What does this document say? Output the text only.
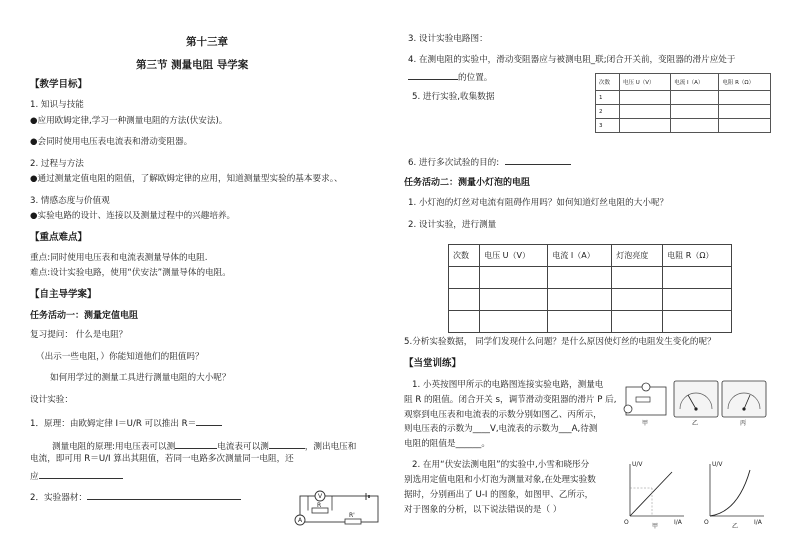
第十三章
第三节 测量电阻 导学案
【教学目标】
1. 知识与技能
●应用欧姆定律,学习一种测量电阻的方法(伏安法)。
●会同时使用电压表电流表和滑动变阻器。
2. 过程与方法
●通过测量定值电阻的阻值，了解欧姆定律的应用，知道测量型实验的基本要求。、
3. 情感态度与价值观
●实验电路的设计、连接以及测量过程中的兴趣培养。
【重点难点】
重点:同时使用电压表和电流表测量导体的电阻.
难点:设计实验电路，使用“伏安法”测量导体的电阻。
【自主导学案】
任务活动一：测量定值电阻
复习提问： 什么是电阻？
（出示一些电阻，）你能知道他们的阻值吗？
如何用学过的测量工具进行测量电阻的大小呢？
设计实验：
1．原理：由欧姆定律 I＝U/R 可以推出 R＝
测量电阻的原理:用电压表可以测	电流表可以测	，测出电压和
电流，即可用 R＝U/I 算出其阻值，若同一电路多次测量同一电阻，还
应
2．实验器材：	V
R
A
R'
3. 设计实验电路图：
4. 在测电阻的实验中，滑动变阻器应与被测电阻_联;闭合开关前，变阻器的滑片应处于
的位置。
5. 进行实验,收集数据
次数	电压 U（V）	电流 I（A）	电阻 R（Ω）
1			
2			
3			
6. 进行多次试验的目的:
任务活动二：测量小灯泡的电阻
1. 小灯泡的灯丝对电流有阻碍作用吗？如何知道灯丝电阻的大小呢？
2. 设计实验，进行测量
次数	电压 U（V）	电流 I（A）	灯泡亮度	电阻 R（Ω）

5.分析实验数据， 同学们发现什么问题？是什么原因使灯丝的电阻发生变化的呢？
【当堂训练】
1. 小英按图甲所示的电路图连接实验电路，测量电
阻 R 的阻值。闭合开关 s，调节滑动变阻器的滑片 P 后,
观察到电压表和电流表的示数分别如图乙、丙所示，
则电压表的示数为____V,电流表的示数为___A,待测
电阻的阻值是______。
甲	乙	丙
2. 在用“伏安法测电阻”的实验中,小雪和晓彤分
别选用定值电阻和小灯泡为测量对象,在处理实验数
据时，分别画出了 U-I 的图象，如图甲、乙所示，
对于图象的分析，以下说法错误的是（ ）
U/V
I/A
O
甲
U/V
I/A
O
乙
